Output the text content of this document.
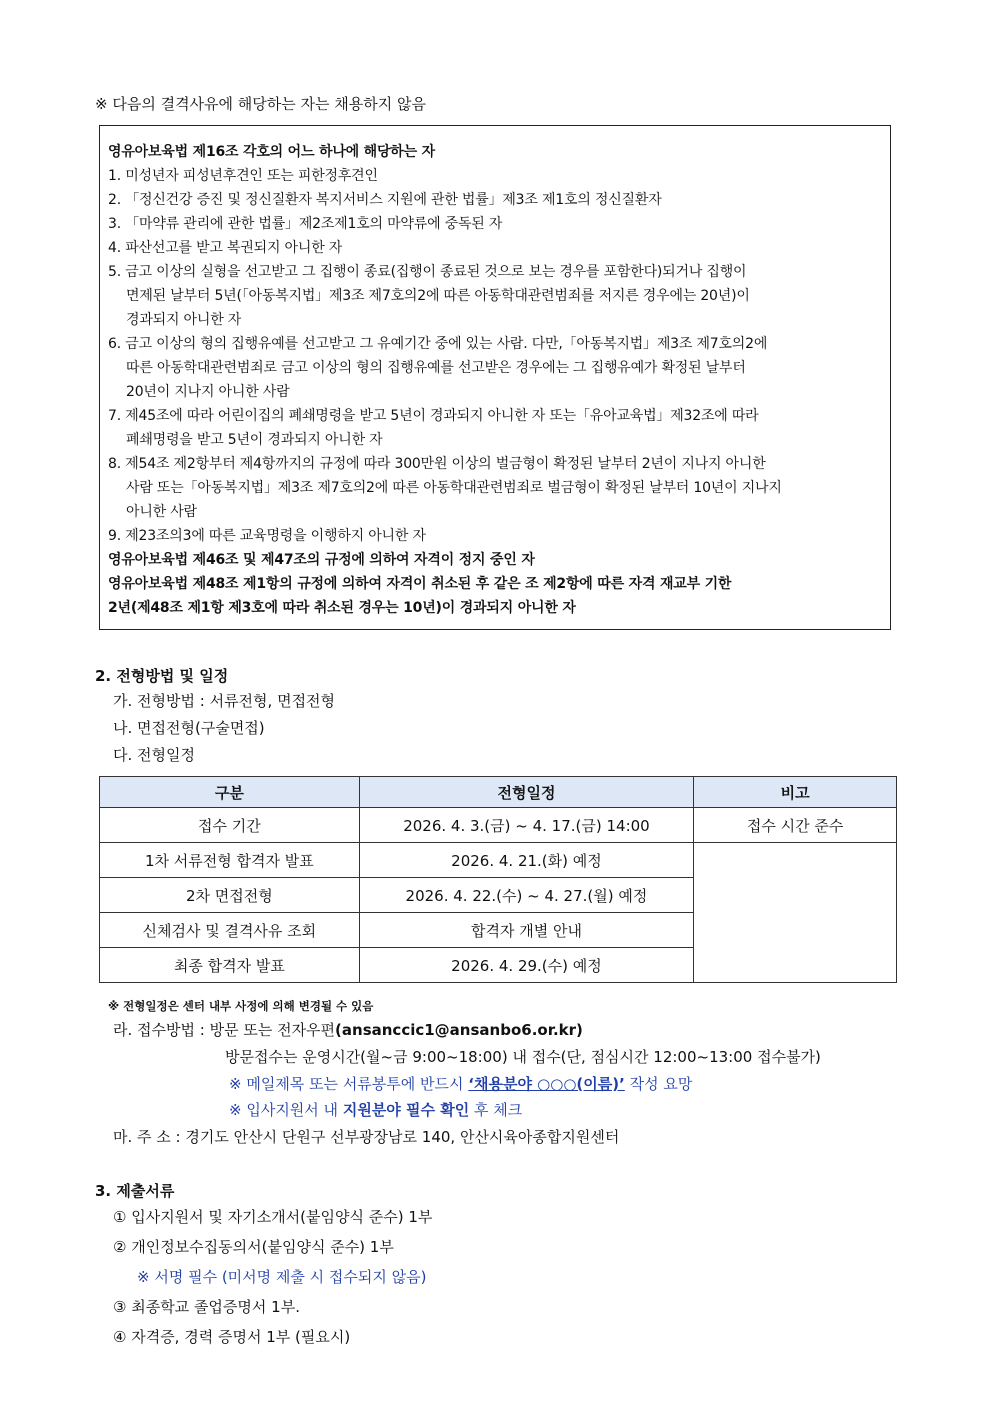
※ 다음의 결격사유에 해당하는 자는 채용하지 않음
영유아보육법 제16조 각호의 어느 하나에 해당하는 자
1. 미성년자 피성년후견인 또는 피한정후견인
2. 「정신건강 증진 및 정신질환자 복지서비스 지원에 관한 법률」제3조 제1호의 정신질환자
3. 「마약류 관리에 관한 법률」제2조제1호의 마약류에 중독된 자
4. 파산선고를 받고 복권되지 아니한 자
5. 금고 이상의 실형을 선고받고 그 집행이 종료(집행이 종료된 것으로 보는 경우를 포함한다)되거나 집행이
면제된 날부터 5년(「아동복지법」제3조 제7호의2에 따른 아동학대관련범죄를 저지른 경우에는 20년)이
경과되지 아니한 자
6. 금고 이상의 형의 집행유예를 선고받고 그 유예기간 중에 있는 사람. 다만,「아동복지법」제3조 제7호의2에
따른 아동학대관련범죄로 금고 이상의 형의 집행유예를 선고받은 경우에는 그 집행유예가 확정된 날부터
20년이 지나지 아니한 사람
7. 제45조에 따라 어린이집의 폐쇄명령을 받고 5년이 경과되지 아니한 자 또는「유아교육법」제32조에 따라
폐쇄명령을 받고 5년이 경과되지 아니한 자
8. 제54조 제2항부터 제4항까지의 규정에 따라 300만원 이상의 벌금형이 확정된 날부터 2년이 지나지 아니한
사람 또는「아동복지법」제3조 제7호의2에 따른 아동학대관련범죄로 벌금형이 확정된 날부터 10년이 지나지
아니한 사람
9. 제23조의3에 따른 교육명령을 이행하지 아니한 자
영유아보육법 제46조 및 제47조의 규정에 의하여 자격이 정지 중인 자
영유아보육법 제48조 제1항의 규정에 의하여 자격이 취소된 후 같은 조 제2항에 따른 자격 재교부 기한
2년(제48조 제1항 제3호에 따라 취소된 경우는 10년)이 경과되지 아니한 자
2. 전형방법 및 일정
가. 전형방법 : 서류전형, 면접전형
나. 면접전형(구술면접)
다. 전형일정
구분	전형일정	비고
접수 기간	2026. 4. 3.(금) ~ 4. 17.(금) 14:00	접수 시간 준수
1차 서류전형 합격자 발표	2026. 4. 21.(화) 예정	
2차 면접전형	2026. 4. 22.(수) ~ 4. 27.(월) 예정	
신체검사 및 결격사유 조회	합격자 개별 안내	
최종 합격자 발표	2026. 4. 29.(수) 예정	
※ 전형일정은 센터 내부 사정에 의해 변경될 수 있음
라. 접수방법 : 방문 또는 전자우편(ansanccic1@ansanbo6.or.kr)
방문접수는 운영시간(월~금 9:00~18:00) 내 접수(단, 점심시간 12:00~13:00 접수불가)
※ 메일제목 또는 서류봉투에 반드시 ‘채용분야 ○○○(이름)’ 작성 요망
※ 입사지원서 내 지원분야 필수 확인 후 체크
마. 주 소 : 경기도 안산시 단원구 선부광장남로 140, 안산시육아종합지원센터
3. 제출서류
① 입사지원서 및 자기소개서(붙임양식 준수) 1부
② 개인정보수집동의서(붙임양식 준수) 1부
※ 서명 필수 (미서명 제출 시 접수되지 않음)
③ 최종학교 졸업증명서 1부.
④ 자격증, 경력 증명서 1부 (필요시)
